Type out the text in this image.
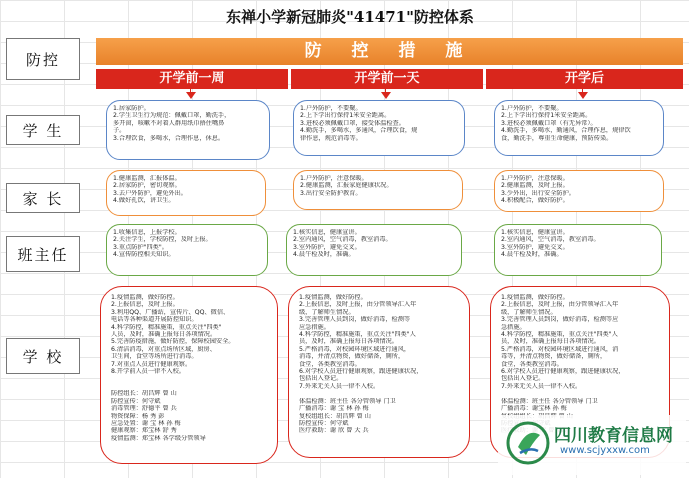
东禅小学新冠肺炎"41471"防控体系
防控
学 生
家 长
班主任
学 校
防 控 措 施
开学前一周	开学前一天	开学后
1.居家防护。
2.学生卫生行为规范：佩戴口罩，勤洗手，
多开窗，咳嗽不对着人群用纸巾捂住嘴鼻
子。
3.合理饮食，多喝水，合理作息，休息。
1.户外防护，不要聚。
2.上下学出行保持1米安全距离。
3.进校必须佩戴口罩，接受体温检查。
4.勤洗手，多喝水，多通风，合理饮食，规
律作息，规范消毒等。
1.户外防护，不要聚。
2.上下学出行保持1米安全距离。
3.进校必须佩戴口罩（有无异常）。
4.勤洗手，多喝水，勤通风，合理作息，规律饮
食，勤洗手，尊重生命健康，预防传染。
1.健康监测，汇报体温。
2.居家防护，密切观察。
3.去户外防护，避免外出。
4.做好孔饮，讲卫生。
1.户外防护，注意保暖。
2.健康监测，汇报家庭健康状况。
3.出行安全防护教育。
1.户外防护，注意保暖。
2.健康监测，及时上报。
3.少外出，出行安全防护。
4.积极配合，做好防护。
1.收集信息，上报学校。
2.关注学生，学校防控，及时上报。
3.重点防护"四类"。
4.宣传防控相关知识。
1.核实信息，健康宣讲。
2.室内通风，空气消毒，教室消毒。
3.室外防护，避免交叉。
4.晨午检及时，准确。
1.核实信息，健康宣讲。
2.室内通风，空气消毒，教室消毒。
3.室外防护，避免交叉。
4.晨午检及时，准确。
1.疫情监测，做好防控。
2.上报信息，及时上报。
3.利用QQ、广播站，宣传片、QQ、微信、
电话等各种渠道开展防控知识。
4.科学防控，精准施策，重点关注"四类"
人员，及时，准确上报每日各项情况。
5.完善防疫措施，做好防控，保障校园安全。
6.清洁消毒，对重点场所区域，厨房、
卫生间，食堂等场所进行消毒。
7.对重点人员进行健康观察。
8.开学前人员一律不入校。

防控组长：胡昌辉 曾 山
防控宣传：何守斌
消毒管理：舒德平 曾 兵
物资保障：杨 秀 彭
应急处置：谢 宝 林 孙 梅
健康观察：郑宝林 舒 秀
疫情监测：郑宝林 各学级分管领导
1.疫情监测，做好防控。
2.上报信息，及时上报，由分管领导汇入年
级，了解师生情况。
3.完善管理人员到岗，做好消毒，检测等
应急措施。
4.科学防控，精准施策，重点关注"四类"人
员，及时，准确上报每日各项情况。
5.严格消毒，对校园环境区域进行通风，
消毒，并清点物资，做好储备，厕所，
食堂，各类教室消毒。
6.对学校人员进行健康观察，跟进健康状况，
包括出入登记。
7.外来无关人员一律不入校。

体温检测：班主任 各分管领导 门卫
广播消毒：谢 宝 林 孙 梅
复校组组长：胡昌辉 曾 山
防控宣传：何守斌
医疗救助：谢 欣 曾 大 兵
1.疫情监测，做好防控。
2.上报信息，及时上报，由分管领导汇入年
级，了解师生情况。
3.完善管理人员到岗，做好消毒，检测等应
急措施。
4.科学防控，精准施策，重点关注"四类"人
员，及时，准确上报每日各项情况。
5.严格消毒，对校园环境区域进行通风，消
毒等，并清点物资，做好储备，厕所，
食堂，各类教室消毒。
6.对学校人员进行健康观察，跟进健康状况，
包括出入登记。
7.外来无关人员一律不入校。

体温检测：班主任 各分管领导 门卫
广播消毒：谢宝林 孙 梅
四川教育信息网
www.scjyxxw.com
